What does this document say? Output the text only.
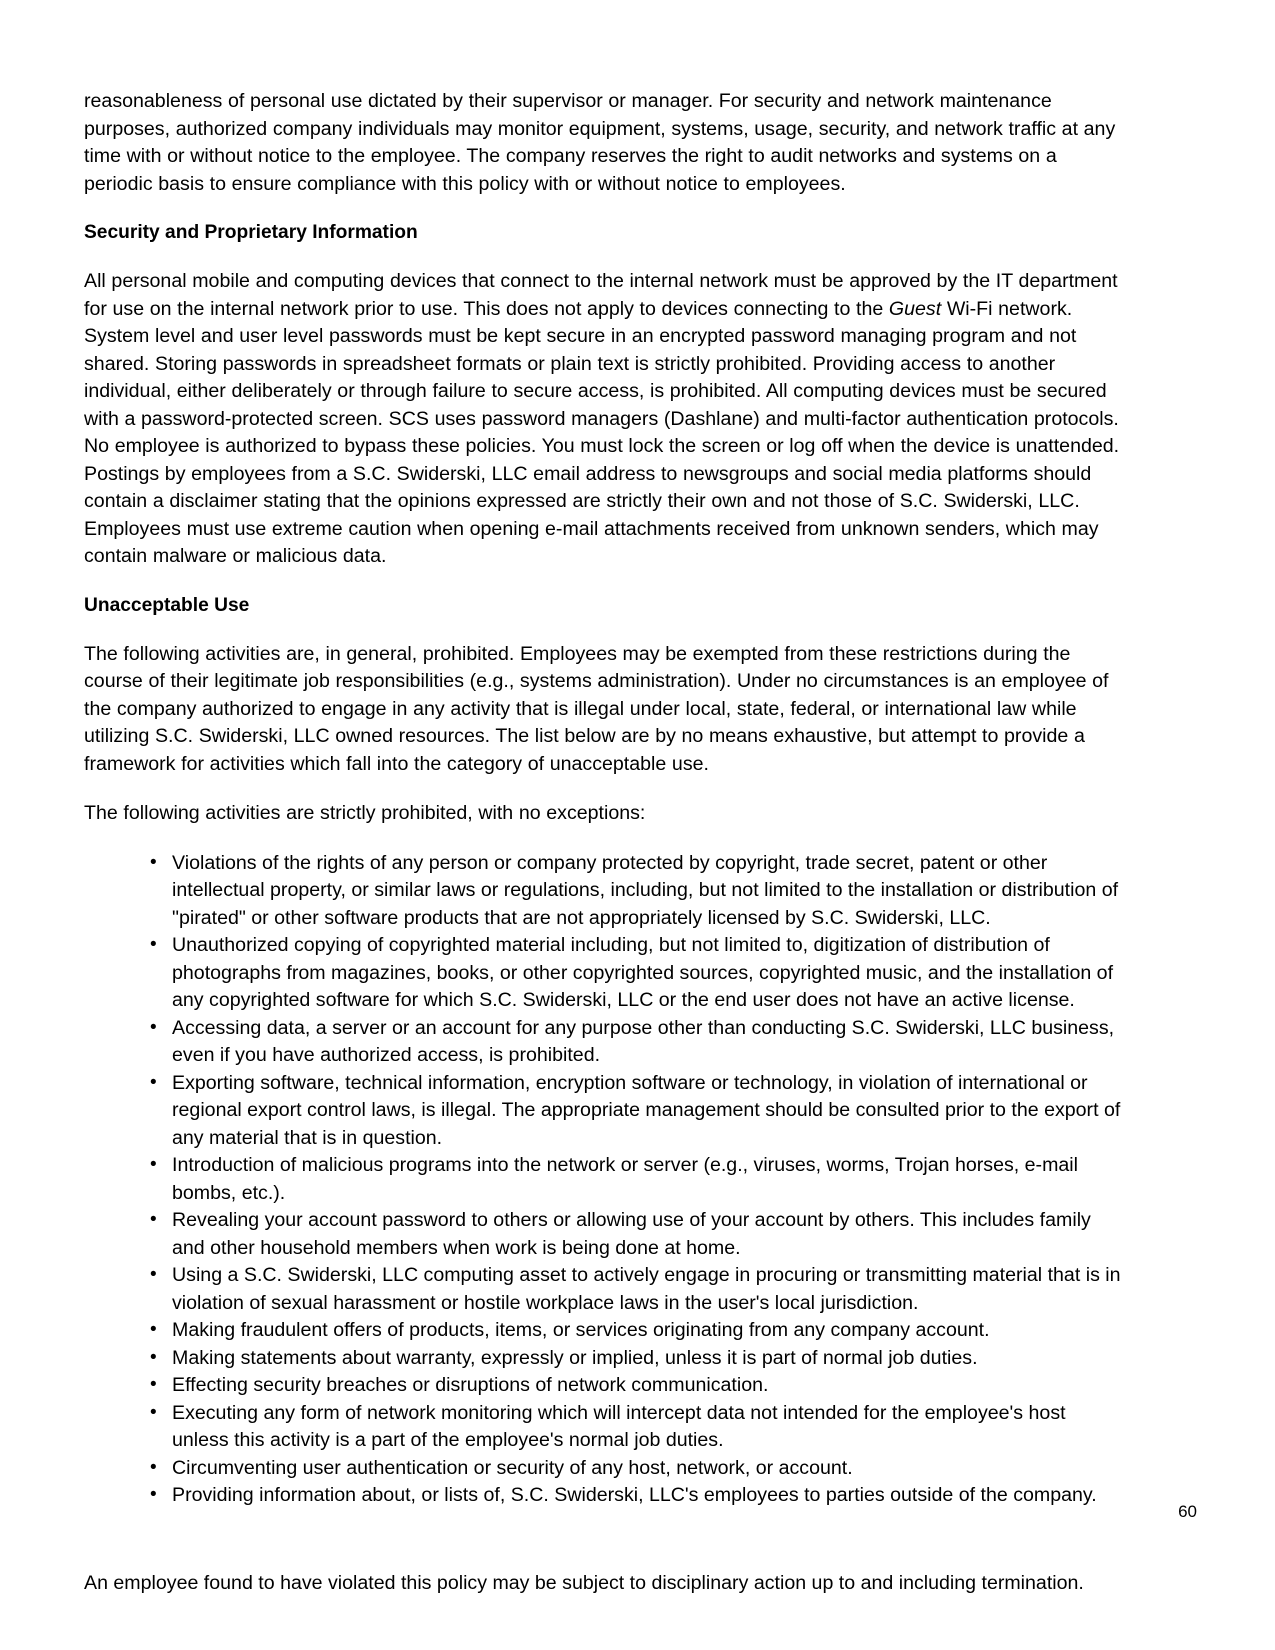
reasonableness of personal use dictated by their supervisor or manager. For security and network maintenance purposes, authorized company individuals may monitor equipment, systems, usage, security, and network traffic at any time with or without notice to the employee. The company reserves the right to audit networks and systems on a periodic basis to ensure compliance with this policy with or without notice to employees.

Security and Proprietary Information

All personal mobile and computing devices that connect to the internal network must be approved by the IT department for use on the internal network prior to use. This does not apply to devices connecting to the Guest Wi-Fi network. System level and user level passwords must be kept secure in an encrypted password managing program and not shared. Storing passwords in spreadsheet formats or plain text is strictly prohibited. Providing access to another individual, either deliberately or through failure to secure access, is prohibited. All computing devices must be secured with a password-protected screen. SCS uses password managers (Dashlane) and multi-factor authentication protocols. No employee is authorized to bypass these policies. You must lock the screen or log off when the device is unattended. Postings by employees from a S.C. Swiderski, LLC email address to newsgroups and social media platforms should contain a disclaimer stating that the opinions expressed are strictly their own and not those of S.C. Swiderski, LLC. Employees must use extreme caution when opening e-mail attachments received from unknown senders, which may contain malware or malicious data.

Unacceptable Use

The following activities are, in general, prohibited. Employees may be exempted from these restrictions during the course of their legitimate job responsibilities (e.g., systems administration). Under no circumstances is an employee of the company authorized to engage in any activity that is illegal under local, state, federal, or international law while utilizing S.C. Swiderski, LLC owned resources. The list below are by no means exhaustive, but attempt to provide a framework for activities which fall into the category of unacceptable use.

The following activities are strictly prohibited, with no exceptions:

• Violations of the rights of any person or company protected by copyright, trade secret, patent or other intellectual property, or similar laws or regulations, including, but not limited to the installation or distribution of "pirated" or other software products that are not appropriately licensed by S.C. Swiderski, LLC.
• Unauthorized copying of copyrighted material including, but not limited to, digitization of distribution of photographs from magazines, books, or other copyrighted sources, copyrighted music, and the installation of any copyrighted software for which S.C. Swiderski, LLC or the end user does not have an active license.
• Accessing data, a server or an account for any purpose other than conducting S.C. Swiderski, LLC business, even if you have authorized access, is prohibited.
• Exporting software, technical information, encryption software or technology, in violation of international or regional export control laws, is illegal. The appropriate management should be consulted prior to the export of any material that is in question.
• Introduction of malicious programs into the network or server (e.g., viruses, worms, Trojan horses, e-mail bombs, etc.).
• Revealing your account password to others or allowing use of your account by others. This includes family and other household members when work is being done at home.
• Using a S.C. Swiderski, LLC computing asset to actively engage in procuring or transmitting material that is in violation of sexual harassment or hostile workplace laws in the user's local jurisdiction.
• Making fraudulent offers of products, items, or services originating from any company account.
• Making statements about warranty, expressly or implied, unless it is part of normal job duties.
• Effecting security breaches or disruptions of network communication.
• Executing any form of network monitoring which will intercept data not intended for the employee's host unless this activity is a part of the employee's normal job duties.
• Circumventing user authentication or security of any host, network, or account.
• Providing information about, or lists of, S.C. Swiderski, LLC's employees to parties outside of the company.

An employee found to have violated this policy may be subject to disciplinary action up to and including termination.

60
